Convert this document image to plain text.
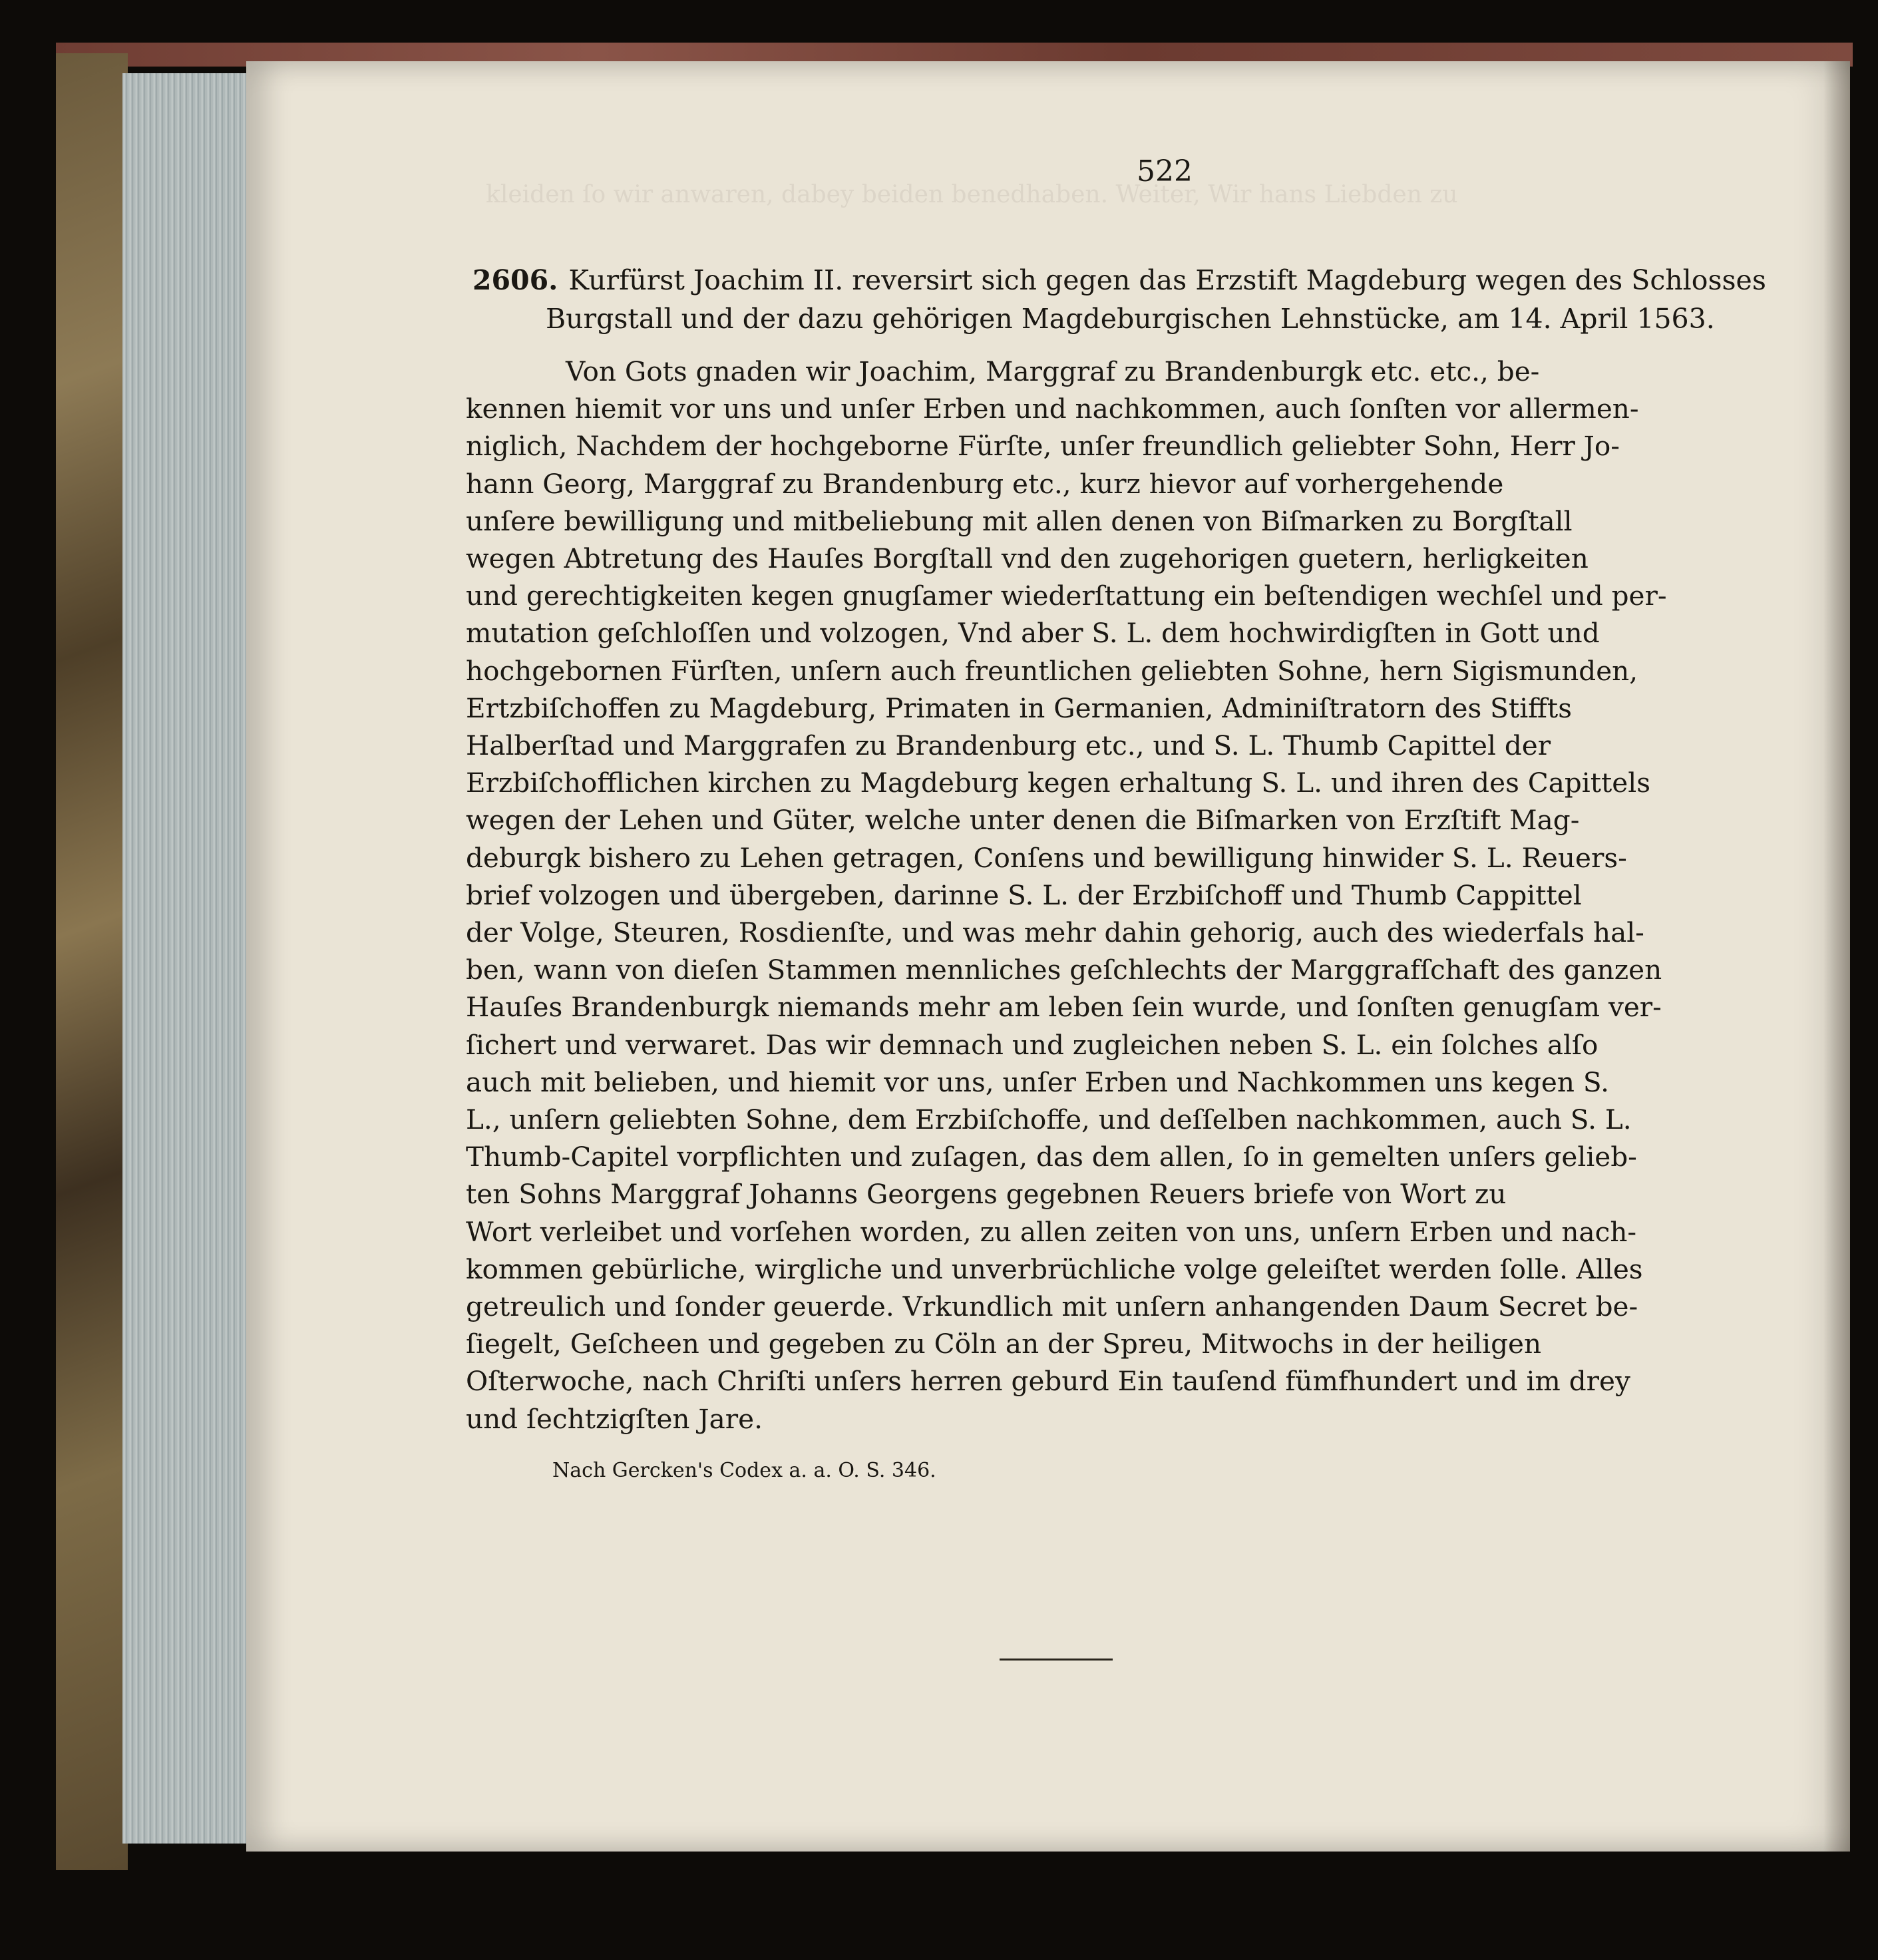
kleiden ſo wir anwaren, dabey beiden benedhaben. Weiter, Wir hans Liebden zu
522
2606. Kurfürst Joachim II. reversirt sich gegen das Erzstift Magdeburg wegen des Schlosses
Burgstall und der dazu gehörigen Magdeburgischen Lehnstücke, am 14. April 1563.
Von Gots gnaden wir Joachim, Marggraf zu Brandenburgk etc. etc., be-
kennen hiemit vor uns und unſer Erben und nachkommen, auch ſonſten vor allermen-
niglich, Nachdem der hochgeborne Fürſte, unſer freundlich geliebter Sohn, Herr Jo-
hann Georg, Marggraf zu Brandenburg etc., kurz hievor auf vorhergehende
unſere bewilligung und mitbeliebung mit allen denen von Biſmarken zu Borgſtall
wegen Abtretung des Hauſes Borgſtall vnd den zugehorigen guetern, herligkeiten
und gerechtigkeiten kegen gnugſamer wiederſtattung ein beſtendigen wechſel und per-
mutation geſchloſſen und volzogen, Vnd aber S. L. dem hochwirdigſten in Gott und
hochgebornen Fürſten, unſern auch freuntlichen geliebten Sohne, hern Sigismunden,
Ertzbiſchoffen zu Magdeburg, Primaten in Germanien, Adminiſtratorn des Stiffts
Halberſtad und Marggrafen zu Brandenburg etc., und S. L. Thumb Capittel der
Erzbiſchofflichen kirchen zu Magdeburg kegen erhaltung S. L. und ihren des Capittels
wegen der Lehen und Güter, welche unter denen die Biſmarken von Erzſtift Mag-
deburgk bishero zu Lehen getragen, Conſens und bewilligung hinwider S. L. Reuers-
brief volzogen und übergeben, darinne S. L. der Erzbiſchoff und Thumb Cappittel
der Volge, Steuren, Rosdienſte, und was mehr dahin gehorig, auch des wiederfals hal-
ben, wann von dieſen Stammen mennliches geſchlechts der Marggrafſchaft des ganzen
Hauſes Brandenburgk niemands mehr am leben ſein wurde, und ſonſten genugſam ver-
ſichert und verwaret. Das wir demnach und zugleichen neben S. L. ein ſolches alſo
auch mit belieben, und hiemit vor uns, unſer Erben und Nachkommen uns kegen S.
L., unſern geliebten Sohne, dem Erzbiſchoffe, und deſſelben nachkommen, auch S. L.
Thumb-Capitel vorpflichten und zuſagen, das dem allen, ſo in gemelten unſers gelieb-
ten Sohns Marggraf Johanns Georgens gegebnen Reuers briefe von Wort zu
Wort verleibet und vorſehen worden, zu allen zeiten von uns, unſern Erben und nach-
kommen gebürliche, wirgliche und unverbrüchliche volge geleiſtet werden ſolle. Alles
getreulich und ſonder geuerde. Vrkundlich mit unſern anhangenden Daum Secret be-
ſiegelt, Geſcheen und gegeben zu Cöln an der Spreu, Mitwochs in der heiligen
Oſterwoche, nach Chriſti unſers herren geburd Ein tauſend fümfhundert und im drey
und ſechtzigſten Jare.
Nach Gercken's Codex a. a. O. S. 346.
